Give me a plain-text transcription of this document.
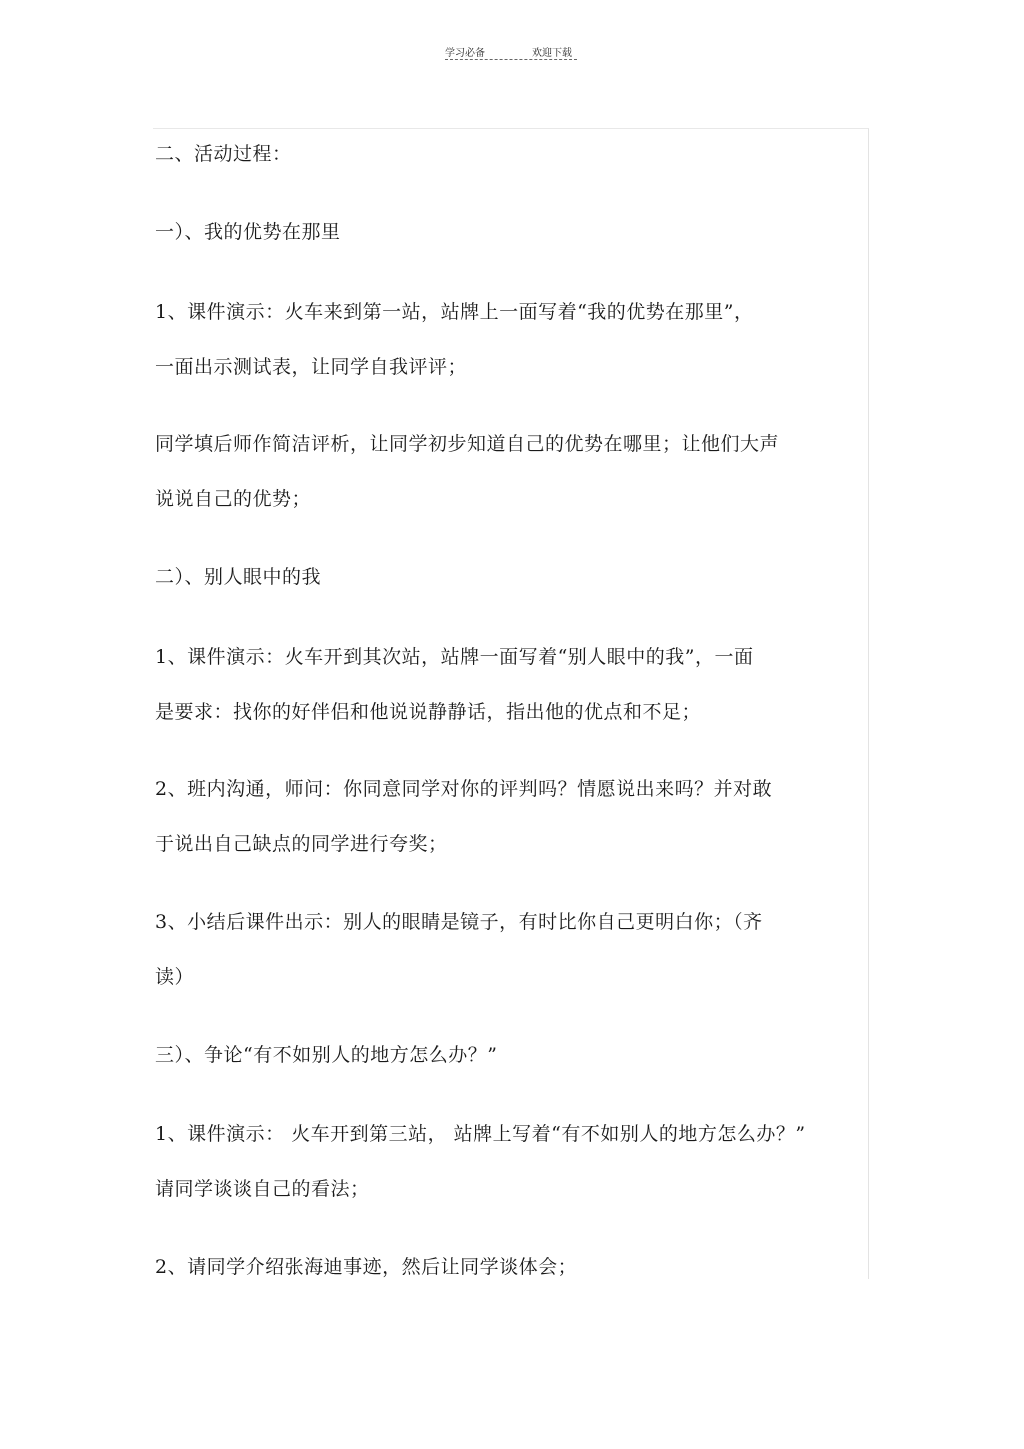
学习必备	欢迎下载
二、活动过程：
一）、我的优势在那里
1、课件演示：火车来到第一站，站牌上一面写着“我的优势在那里”，
一面出示测试表，让同学自我评评；
同学填后师作简洁评析，让同学初步知道自己的优势在哪里；让他们大声
说说自己的优势；
二）、别人眼中的我
1、课件演示：火车开到其次站，站牌一面写着“别人眼中的我”，一面
是要求：找你的好伴侣和他说说静静话，指出他的优点和不足；
2、班内沟通，师问：你同意同学对你的评判吗？情愿说出来吗？并对敢
于说出自己缺点的同学进行夸奖；
3、小结后课件出示：别人的眼睛是镜子，有时比你自己更明白你；（齐
读）
三）、争论“有不如别人的地方怎么办？”
1、课件演示： 火车开到第三站， 站牌上写着“有不如别人的地方怎么办？”
请同学谈谈自己的看法；
2、请同学介绍张海迪事迹，然后让同学谈体会；
